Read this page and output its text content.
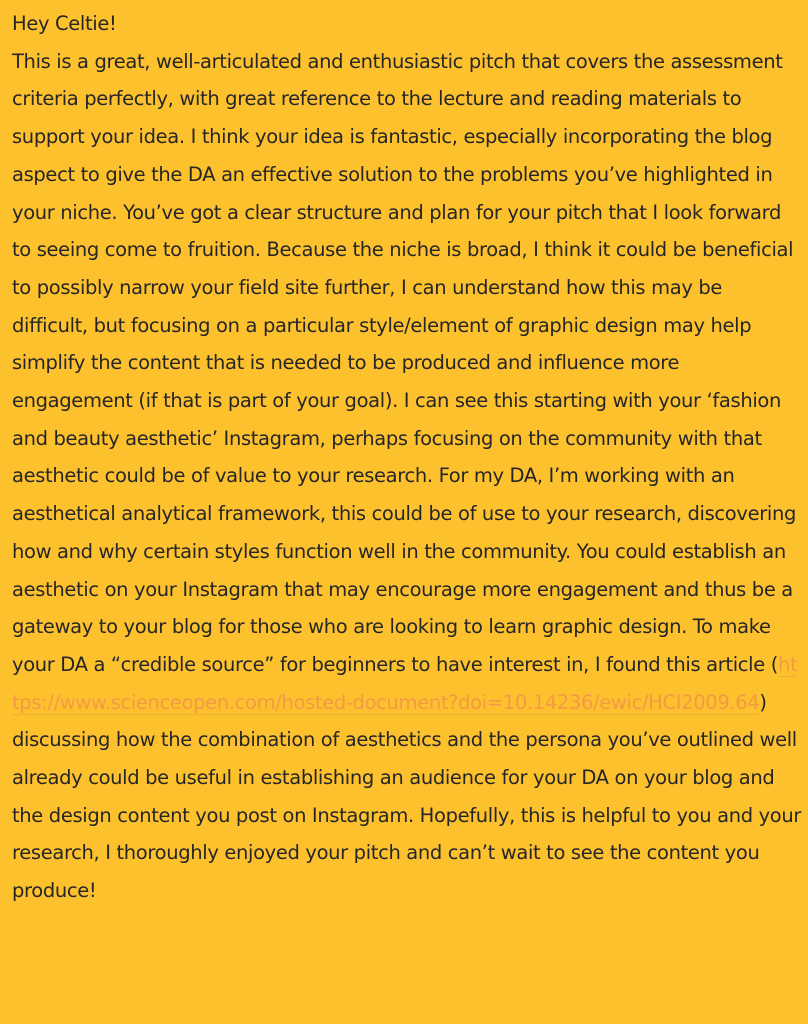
Hey Celtie!

This is a great, well-articulated and enthusiastic pitch that covers the assessment criteria perfectly, with great reference to the lecture and reading materials to support your idea. I think your idea is fantastic, especially incorporating the blog aspect to give the DA an effective solution to the problems you’ve highlighted in your niche. You’ve got a clear structure and plan for your pitch that I look forward to seeing come to fruition. Because the niche is broad, I think it could be beneficial to possibly narrow your field site further, I can understand how this may be difficult, but focusing on a particular style/element of graphic design may help simplify the content that is needed to be produced and influence more engagement (if that is part of your goal). I can see this starting with your ‘fashion and beauty aesthetic’ Instagram, perhaps focusing on the community with that aesthetic could be of value to your research. For my DA, I’m working with an aesthetical analytical framework, this could be of use to your research, discovering how and why certain styles function well in the community. You could establish an aesthetic on your Instagram that may encourage more engagement and thus be a gateway to your blog for those who are looking to learn graphic design. To make your DA a “credible source” for beginners to have interest in, I found this article (https://www.scienceopen.com/hosted-document?doi=10.14236/ewic/HCI2009.64) discussing how the combination of aesthetics and the persona you’ve outlined well already could be useful in establishing an audience for your DA on your blog and the design content you post on Instagram. Hopefully, this is helpful to you and your research, I thoroughly enjoyed your pitch and can’t wait to see the content you produce!
